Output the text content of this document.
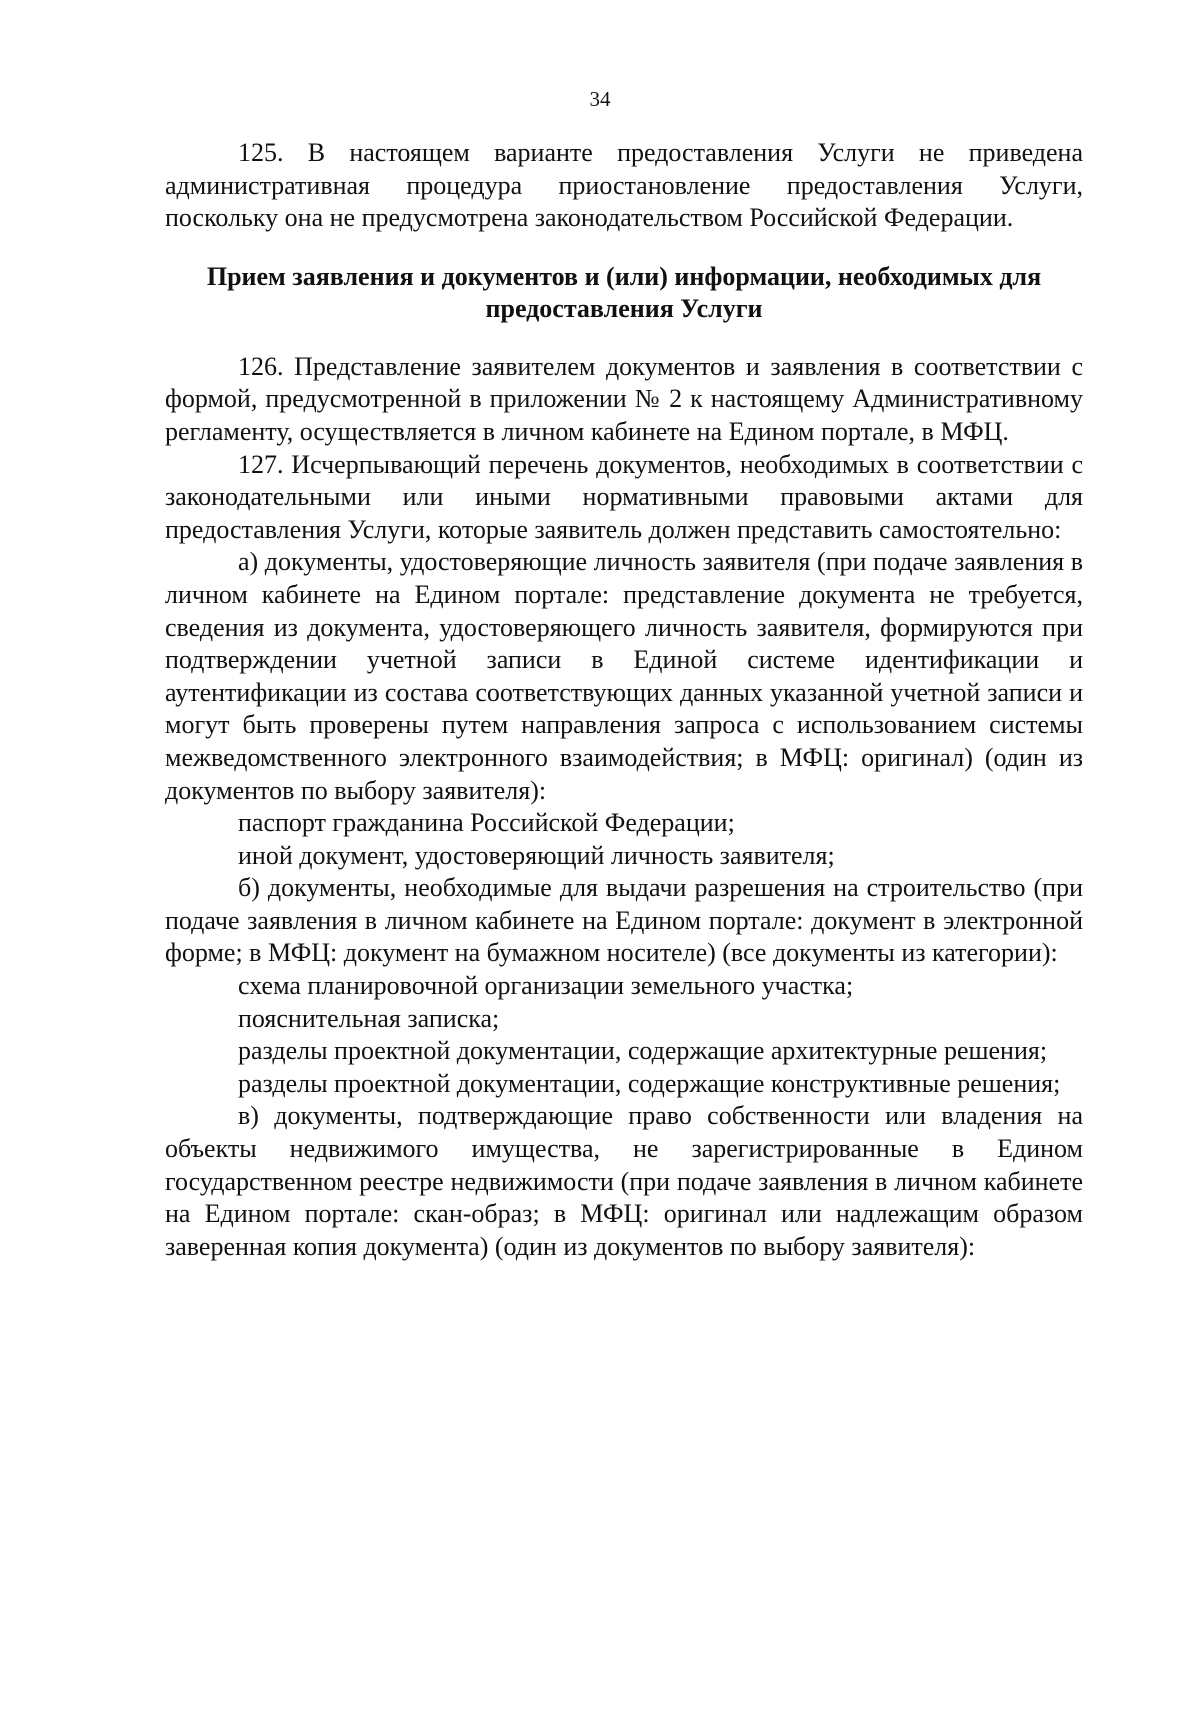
34

125. В настоящем варианте предоставления Услуги не приведена административная процедура приостановление предоставления Услуги, поскольку она не предусмотрена законодательством Российской Федерации.

Прием заявления и документов и (или) информации, необходимых для предоставления Услуги

126. Представление заявителем документов и заявления в соответствии с формой, предусмотренной в приложении № 2 к настоящему Административному регламенту, осуществляется в личном кабинете на Едином портале, в МФЦ.

127. Исчерпывающий перечень документов, необходимых в соответствии с законодательными или иными нормативными правовыми актами для предоставления Услуги, которые заявитель должен представить самостоятельно:

а) документы, удостоверяющие личность заявителя (при подаче заявления в личном кабинете на Едином портале: представление документа не требуется, сведения из документа, удостоверяющего личность заявителя, формируются при подтверждении учетной записи в Единой системе идентификации и аутентификации из состава соответствующих данных указанной учетной записи и могут быть проверены путем направления запроса с использованием системы межведомственного электронного взаимодействия; в МФЦ: оригинал) (один из документов по выбору заявителя):

паспорт гражданина Российской Федерации;

иной документ, удостоверяющий личность заявителя;

б) документы, необходимые для выдачи разрешения на строительство (при подаче заявления в личном кабинете на Едином портале: документ в электронной форме; в МФЦ: документ на бумажном носителе) (все документы из категории):

схема планировочной организации земельного участка;

пояснительная записка;

разделы проектной документации, содержащие архитектурные решения;

разделы проектной документации, содержащие конструктивные решения;

в) документы, подтверждающие право собственности или владения на объекты недвижимого имущества, не зарегистрированные в Едином государственном реестре недвижимости (при подаче заявления в личном кабинете на Едином портале: скан-образ; в МФЦ: оригинал или надлежащим образом заверенная копия документа) (один из документов по выбору заявителя):
